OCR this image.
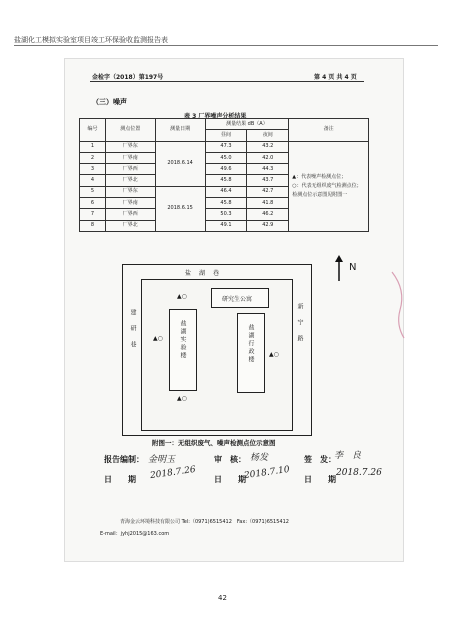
盐湖化工模拟实验室项目竣工环保验收监测报告表
金检字（2018）第197号	第 4 页 共 4 页
（三）噪声
表 3 厂界噪声分析结果
编号	测点位置	测量日期	测量结果 dB（A）		备注
			昼间	夜间	
1	厂界东	2018.6.14	47.3	43.2	▲：代表噪声检测点位；
○：代表无组织废气检测点位；
检测点位示意图见附图一

2	厂界南		45.0	42.0	
3	厂界西		49.6	44.3	
4	厂界北		45.8	43.7	
5	厂界东	2018.6.15	46.4	42.7	
6	厂界南		45.8	41.8	
7	厂界西		50.3	46.2	
8	厂界北		49.1	42.9	
盐　湖　巷
建　研　巷	新　宁　路
研究生公寓
盐湖实验楼	盐湖行政楼
▲○
▲○
▲○
▲○
N
附图一：无组织废气、噪声检测点位示意图
报告编制： 金明玉	审　核： 杨发	签　发：
李　良
日　　期 2018.7.26 日　　期
2018.7.10 日　　期
2018.7.26
青海金云环境科技有限公司 Tel:（0971)6515412　Fax:（0971)6515412
E-mail：jyhj2015@163.com
42
